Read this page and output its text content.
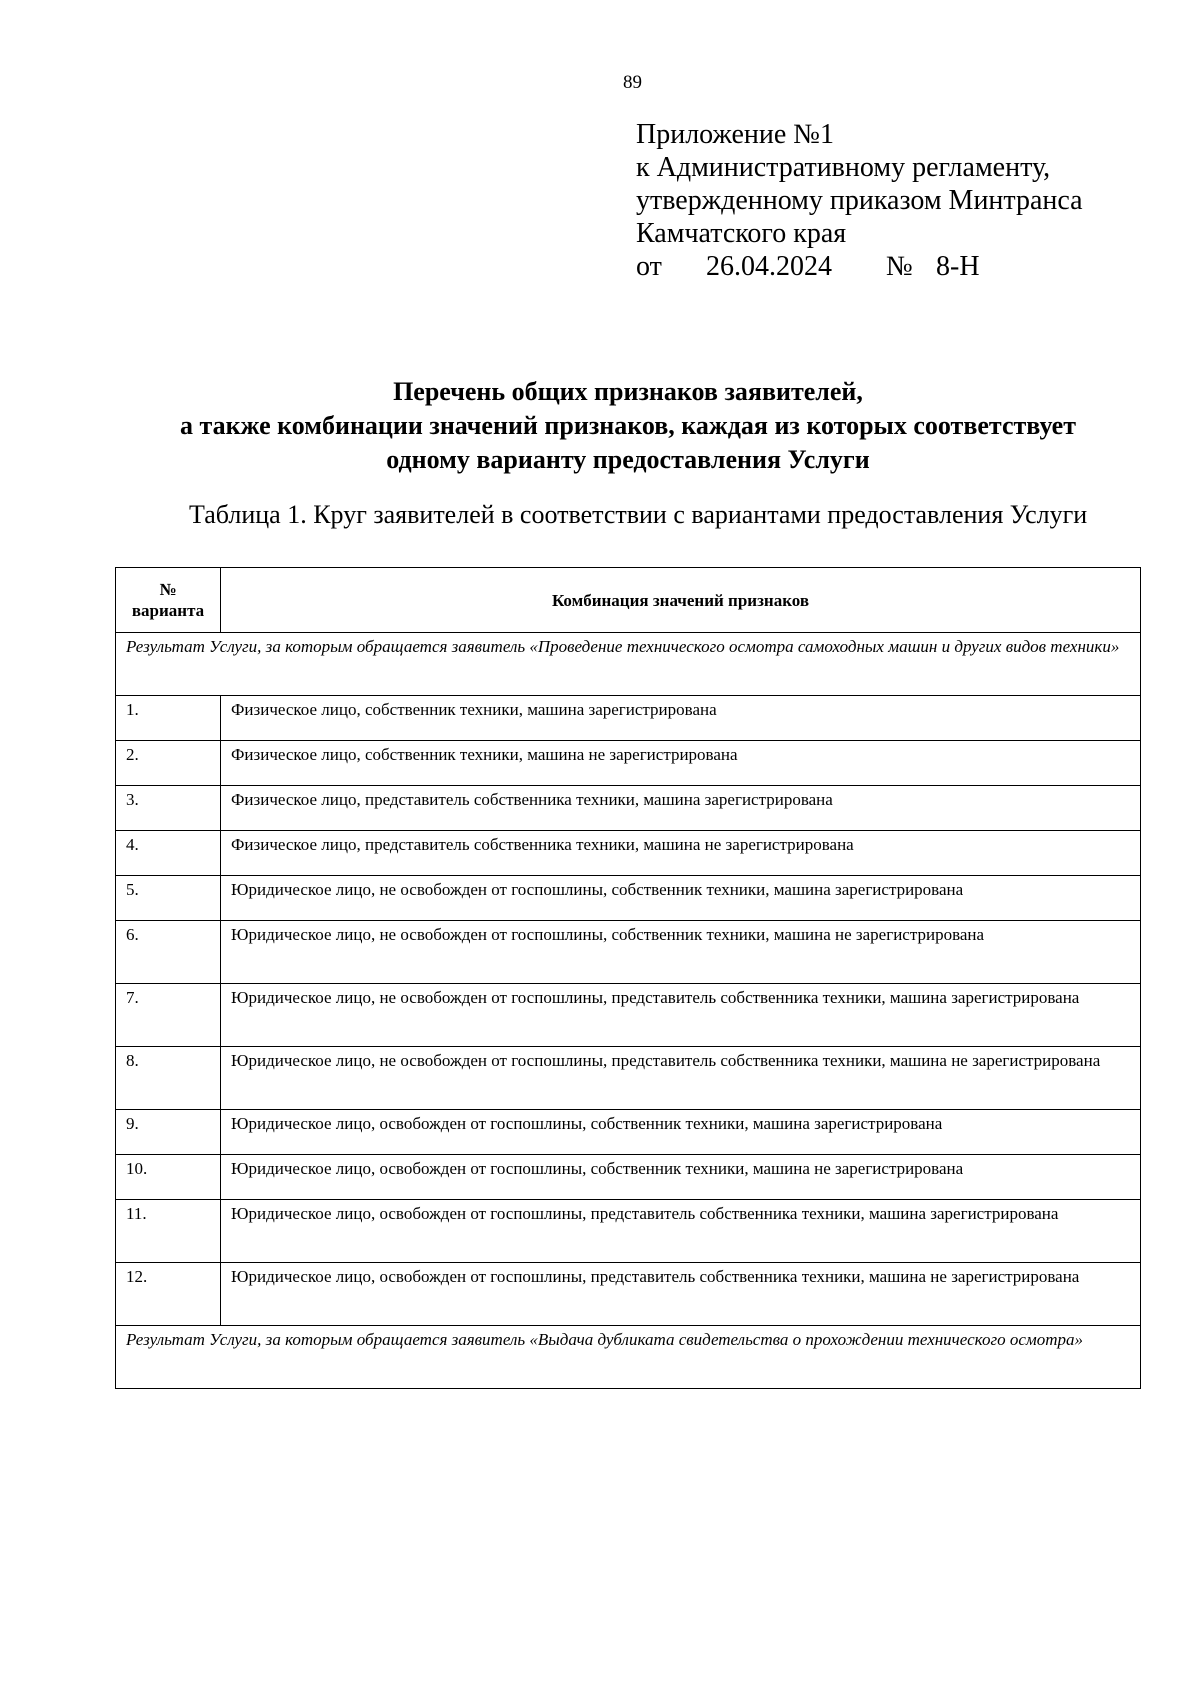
89
Приложение №1
к Административному регламенту,
утвержденному приказом Минтранса
Камчатского края
от 26.04.2024 № 8-Н
Перечень общих признаков заявителей,
а также комбинации значений признаков, каждая из которых соответствует
одному варианту предоставления Услуги
Таблица 1. Круг заявителей в соответствии с вариантами предоставления Услуги
№ варианта	Комбинация значений признаков
Результат Услуги, за которым обращается заявитель «Проведение технического осмотра самоходных машин и других видов техники»	
1.	Физическое лицо, собственник техники, машина зарегистрирована
2.	Физическое лицо, собственник техники, машина не зарегистрирована
3.	Физическое лицо, представитель собственника техники, машина зарегистрирована
4.	Физическое лицо, представитель собственника техники, машина не зарегистрирована
5.	Юридическое лицо, не освобожден от госпошлины, собственник техники, машина зарегистрирована
6.	Юридическое лицо, не освобожден от госпошлины, собственник техники, машина не зарегистрирована
7.	Юридическое лицо, не освобожден от госпошлины, представитель собственника техники, машина зарегистрирована
8.	Юридическое лицо, не освобожден от госпошлины, представитель собственника техники, машина не зарегистрирована
9.	Юридическое лицо, освобожден от госпошлины, собственник техники, машина зарегистрирована
10.	Юридическое лицо, освобожден от госпошлины, собственник техники, машина не зарегистрирована
11.	Юридическое лицо, освобожден от госпошлины, представитель собственника техники, машина зарегистрирована
12.	Юридическое лицо, освобожден от госпошлины, представитель собственника техники, машина не зарегистрирована
Результат Услуги, за которым обращается заявитель «Выдача дубликата свидетельства о прохождении технического осмотра»	
